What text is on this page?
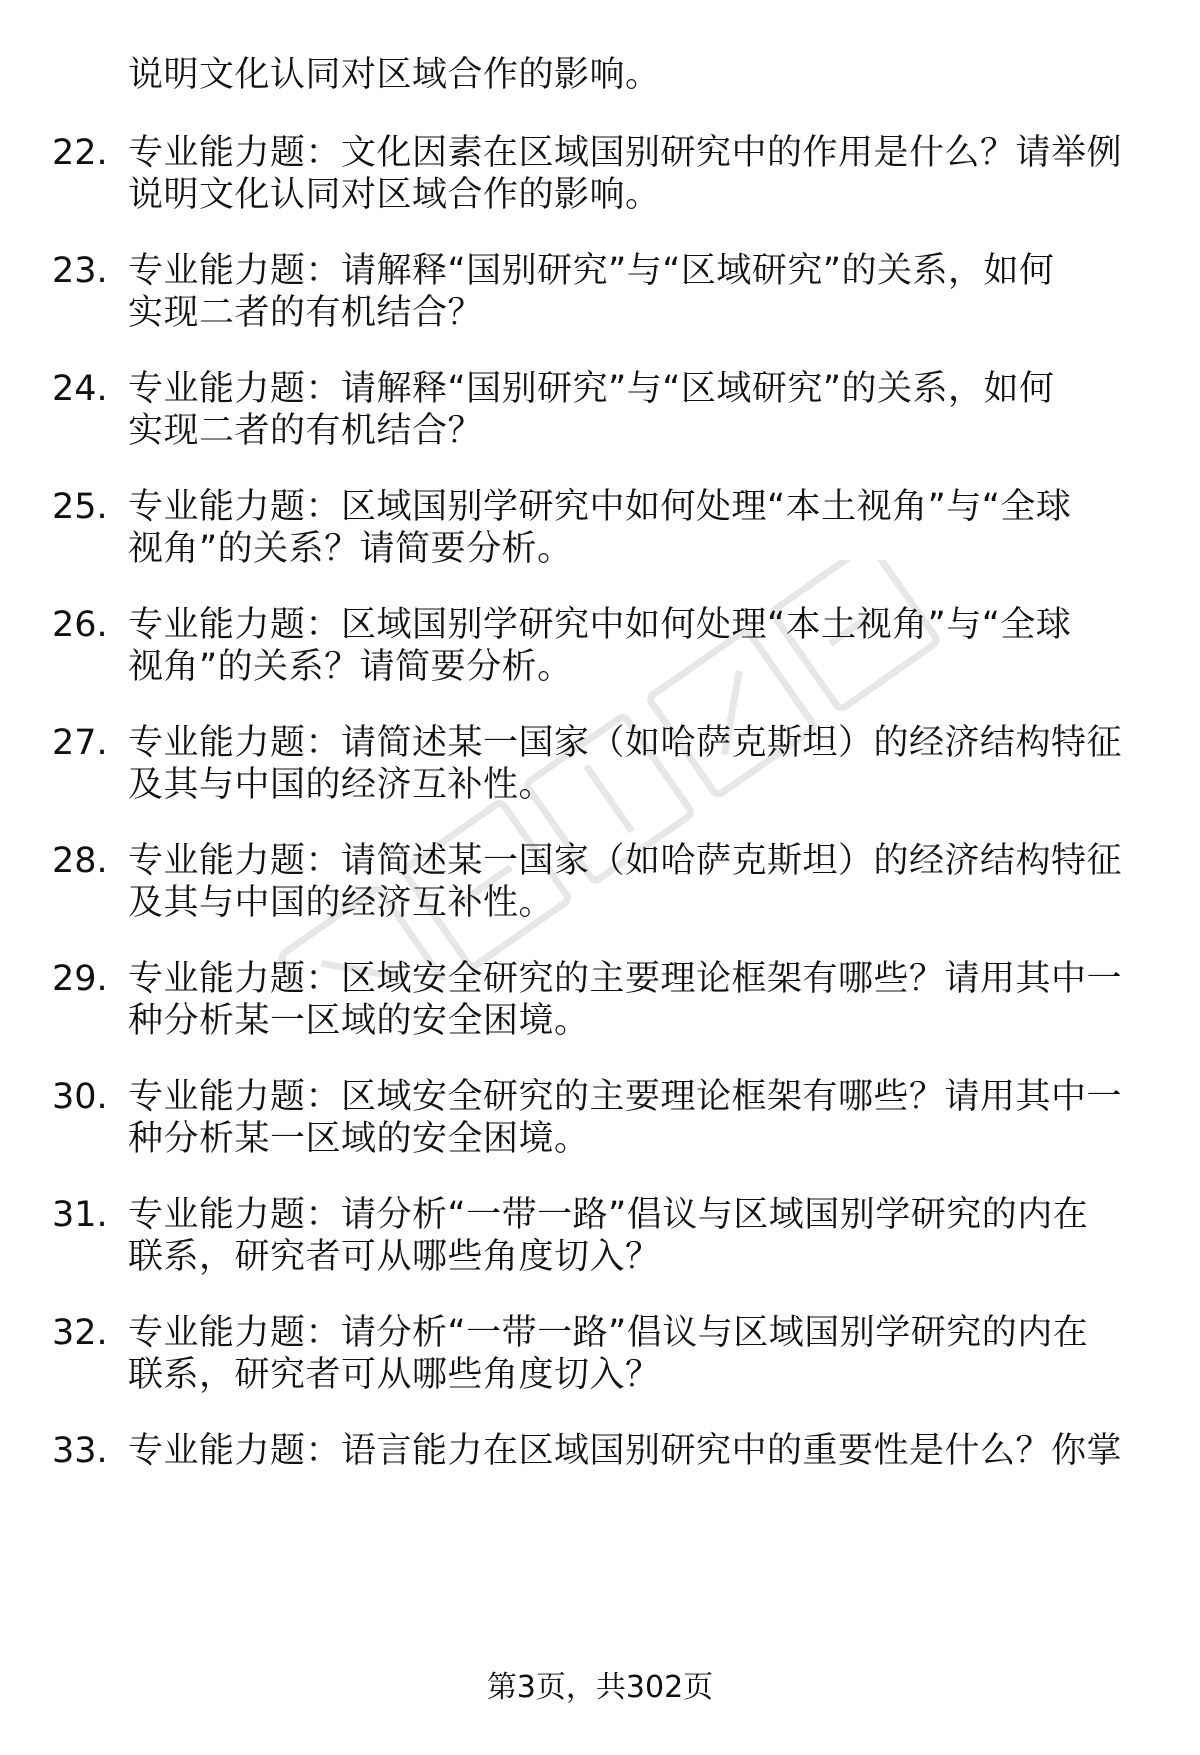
说明文化认同对区域合作的影响。
22. 专业能力题：文化因素在区域国别研究中的作用是什么？请举例
说明文化认同对区域合作的影响。
23. 专业能力题：请解释“国别研究”与“区域研究”的关系，如何
实现二者的有机结合？
24. 专业能力题：请解释“国别研究”与“区域研究”的关系，如何
实现二者的有机结合？
25. 专业能力题：区域国别学研究中如何处理“本土视角”与“全球
视角”的关系？请简要分析。
26. 专业能力题：区域国别学研究中如何处理“本土视角”与“全球
视角”的关系？请简要分析。
27. 专业能力题：请简述某一国家（如哈萨克斯坦）的经济结构特征
及其与中国的经济互补性。
28. 专业能力题：请简述某一国家（如哈萨克斯坦）的经济结构特征
及其与中国的经济互补性。
29. 专业能力题：区域安全研究的主要理论框架有哪些？请用其中一
种分析某一区域的安全困境。
30. 专业能力题：区域安全研究的主要理论框架有哪些？请用其中一
种分析某一区域的安全困境。
31. 专业能力题：请分析“一带一路”倡议与区域国别学研究的内在
联系，研究者可从哪些角度切入？
32. 专业能力题：请分析“一带一路”倡议与区域国别学研究的内在
联系，研究者可从哪些角度切入？
33. 专业能力题：语言能力在区域国别研究中的重要性是什么？你掌
第3页，共302页
